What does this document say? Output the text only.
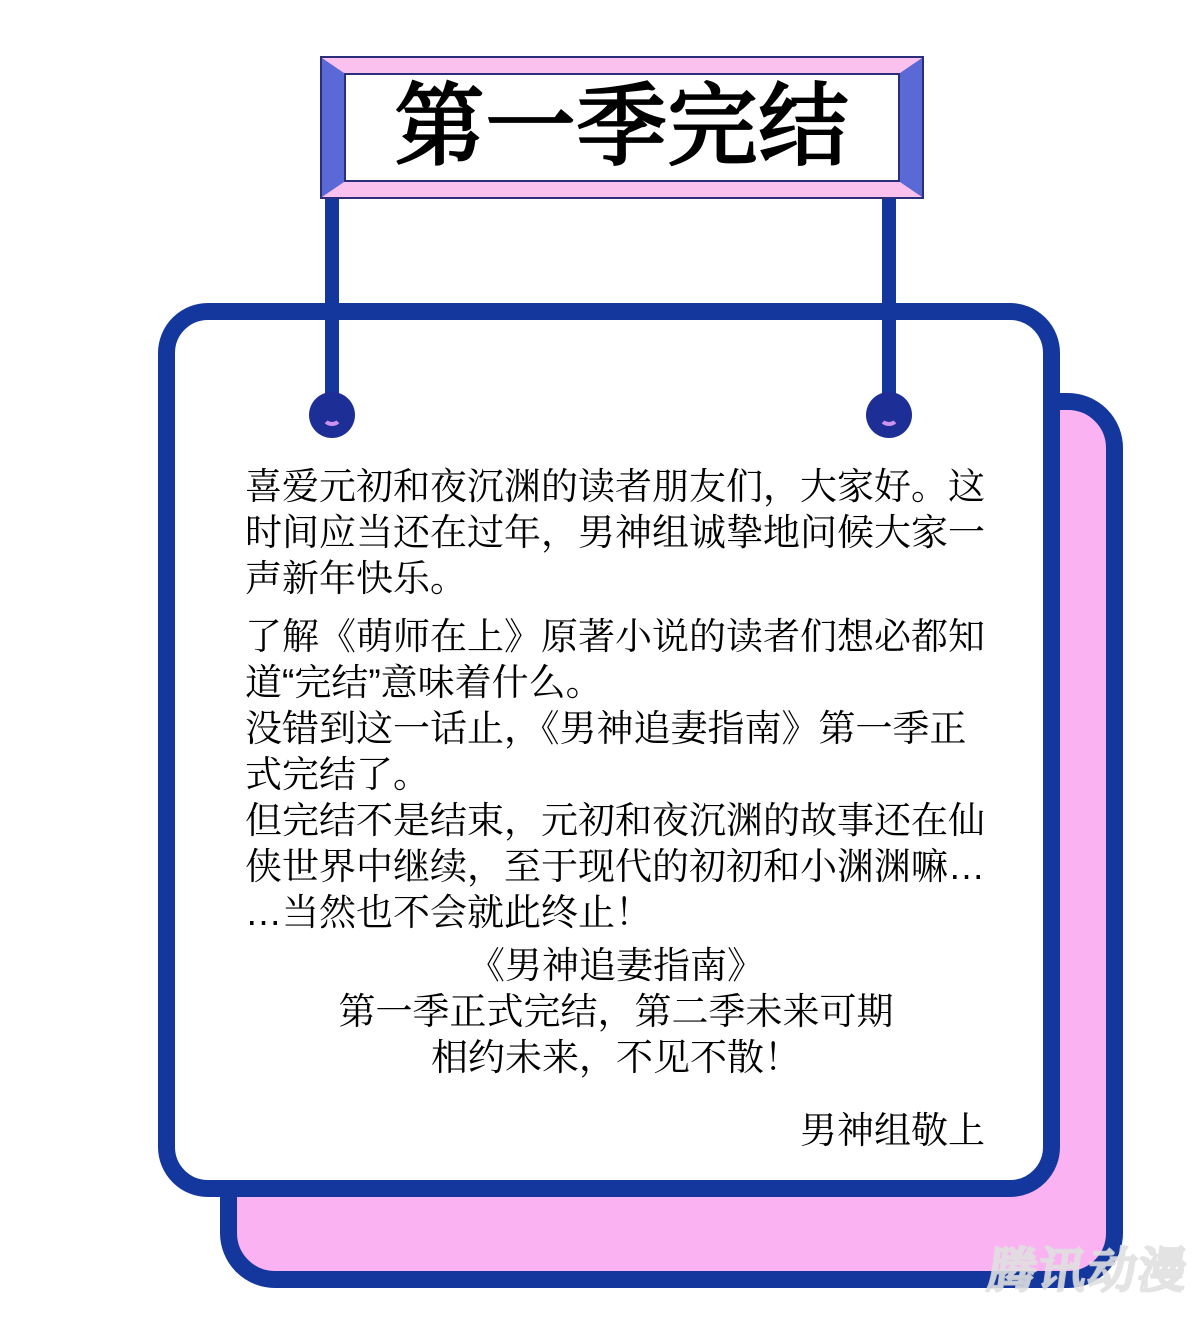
第一季完结
喜爱元初和夜沉渊的读者朋友们，大家好。这
时间应当还在过年，男神组诚挚地问候大家一
声新年快乐。
了解《萌师在上》原著小说的读者们想必都知
道“完结”意味着什么。
没错到这一话止，《男神追妻指南》第一季正
式完结了。
但完结不是结束，元初和夜沉渊的故事还在仙
侠世界中继续，至于现代的初初和小渊渊嘛…
…当然也不会就此终止！
《男神追妻指南》
第一季正式完结，第二季未来可期
相约未来，不见不散！
男神组敬上
腾讯动漫
